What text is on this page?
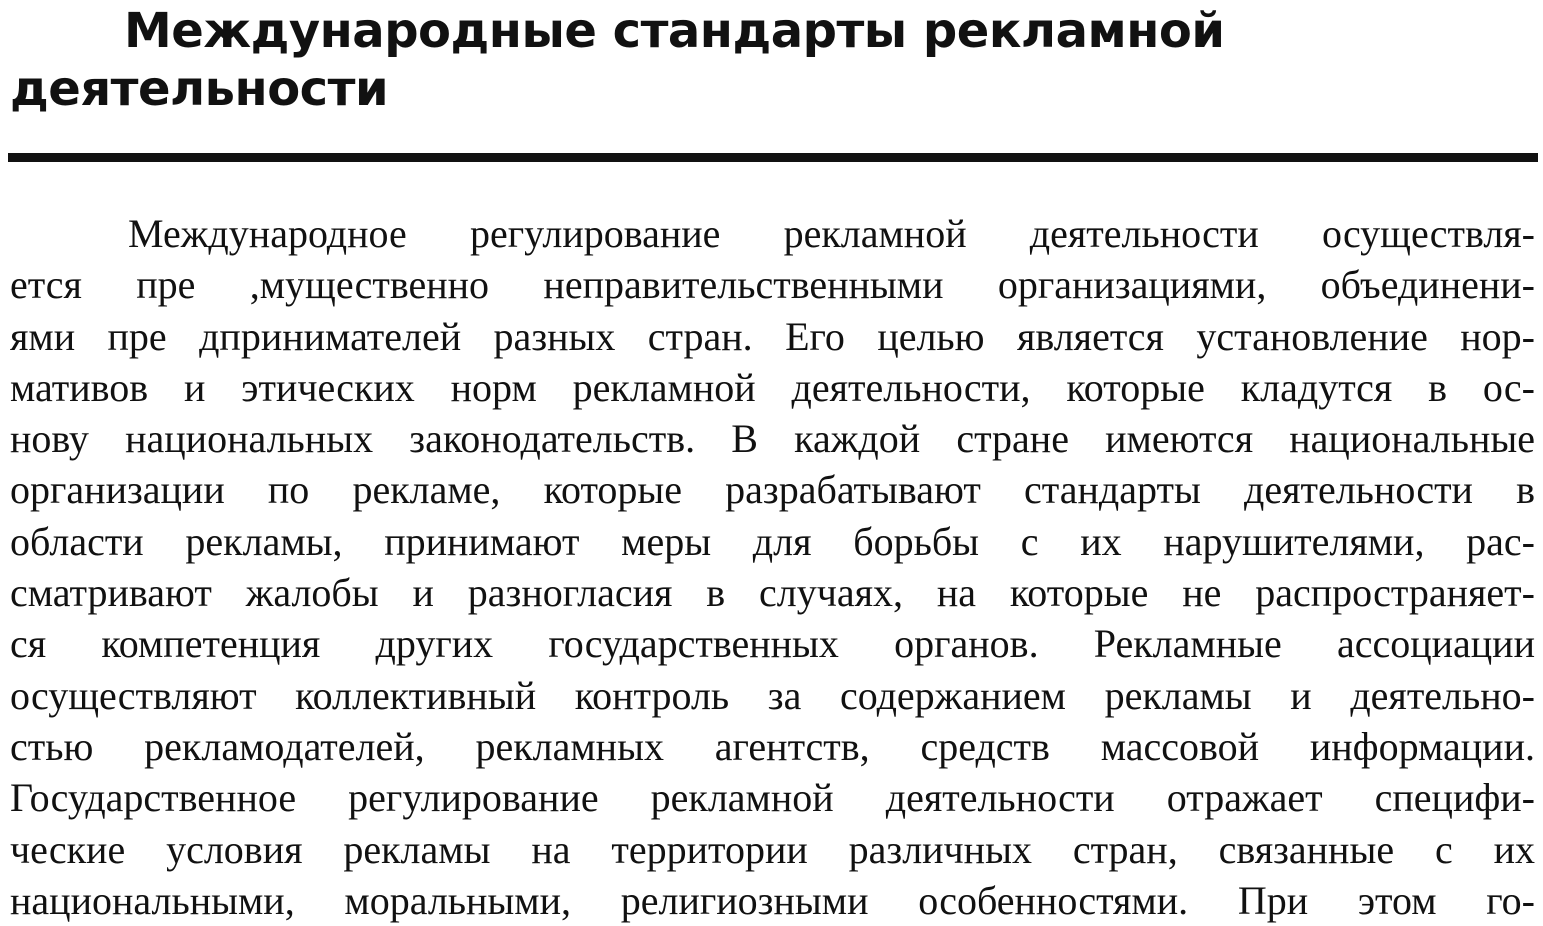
Международные стандарты рекламной
деятельности
Международное регулирование рекламной деятельности осуществля-
ется пре ,мущественно неправительственными организациями, объединени-
ями пре дпринимателей разных стран. Его целью является установление нор-
мативов и этических норм рекламной деятельности, которые кладутся в ос-
нову национальных законодательств. В каждой стране имеются национальные
организации по рекламе, которые разрабатывают стандарты деятельности в
области рекламы, принимают меры для борьбы с их нарушителями, рас-
сматривают жалобы и разногласия в случаях, на которые не распространяет-
ся компетенция других государственных органов. Рекламные ассоциации
осуществляют коллективный контроль за содержанием рекламы и деятельно-
стью рекламодателей, рекламных агентств, средств массовой информации.
Государственное регулирование рекламной деятельности отражает специфи-
ческие условия рекламы на территории различных стран, связанные с их
национальными, моральными, религиозными особенностями. При этом го-
